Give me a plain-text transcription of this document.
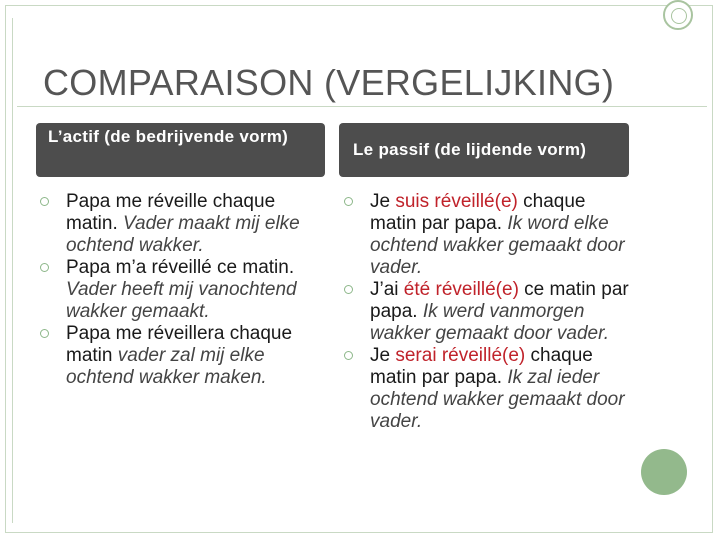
COMPARAISON (VERGELIJKING)
L’actif (de bedrijvende vorm)
Le passif (de lijdende vorm)
Papa me réveille chaque matin. Vader maakt mij elke ochtend wakker.
Papa m’a réveillé ce matin. Vader heeft mij vanochtend wakker gemaakt.
Papa me réveillera chaque matin vader zal mij elke ochtend wakker maken.
Je suis réveillé(e) chaque matin par papa. Ik word elke ochtend wakker gemaakt door vader.
J’ai été réveillé(e) ce matin par papa. Ik werd vanmorgen wakker gemaakt door vader.
Je serai réveillé(e) chaque matin par papa. Ik zal ieder ochtend wakker gemaakt door vader.
